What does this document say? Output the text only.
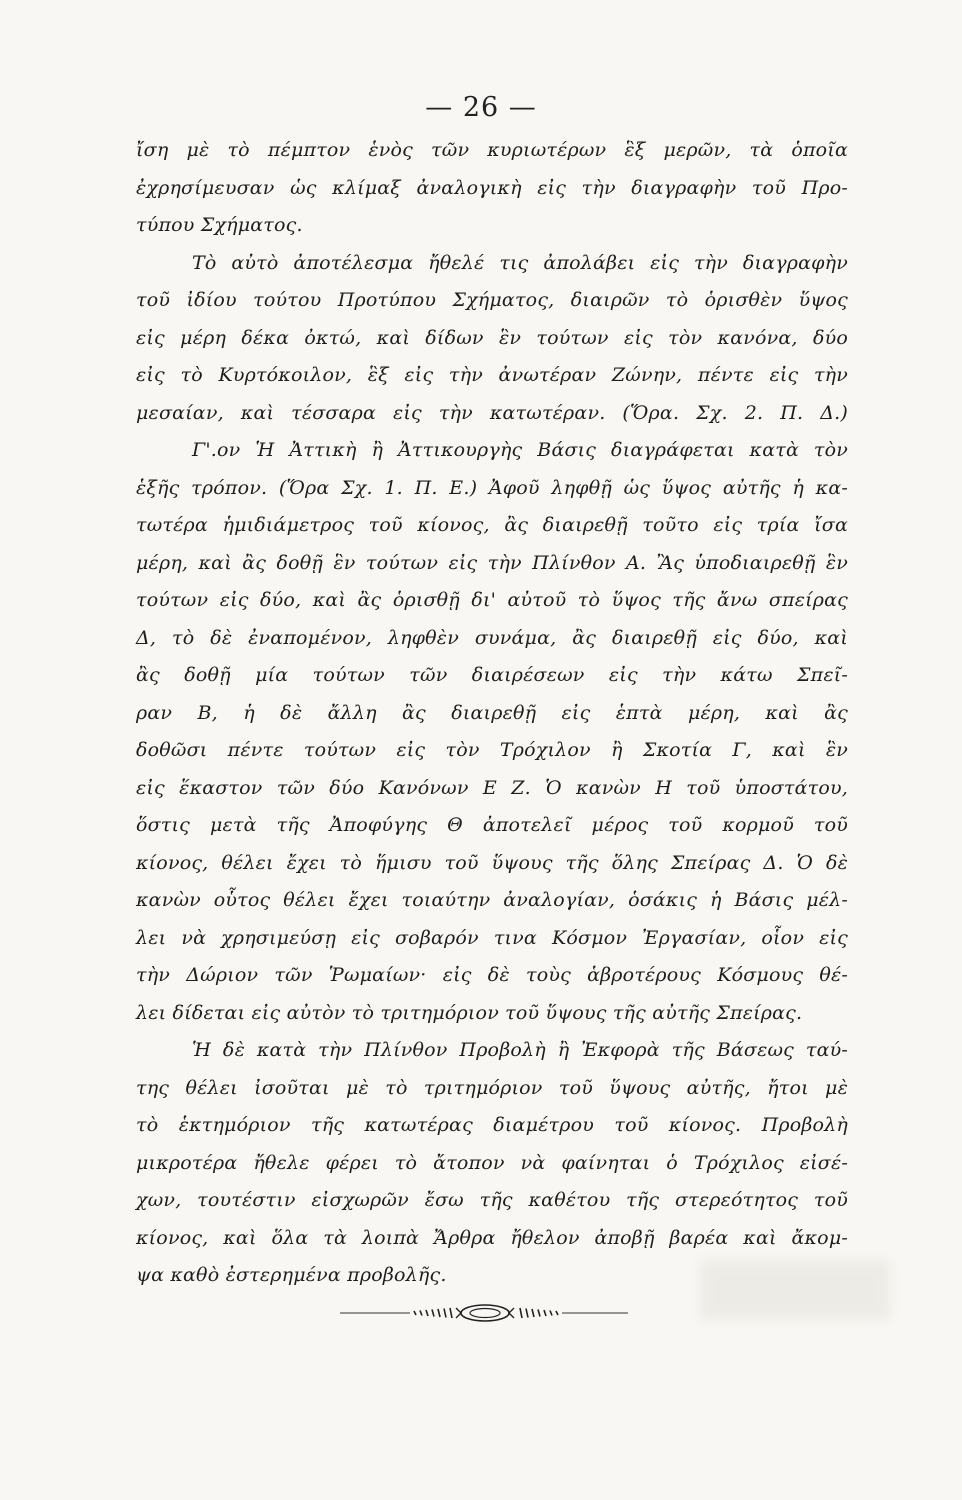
— 26 —
ἴση μὲ τὸ πέμπτον ἑνὸς τῶν κυριωτέρων ἓξ μερῶν, τὰ ὁποῖα
ἐχρησίμευσαν ὡς κλίμαξ ἀναλογικὴ εἰς τὴν διαγραφὴν τοῦ Προ-
τύπου Σχήματος.
Τὸ αὐτὸ ἀποτέλεσμα ἤθελέ τις ἀπολάβει εἰς τὴν διαγραφὴν
τοῦ ἰδίου τούτου Προτύπου Σχήματος, διαιρῶν τὸ ὁρισθὲν ὕψος
εἰς μέρη δέκα ὀκτώ, καὶ δίδων ἓν τούτων εἰς τὸν κανόνα, δύο
εἰς τὸ Κυρτόκοιλον, ἓξ εἰς τὴν ἀνωτέραν Ζώνην, πέντε εἰς τὴν
μεσαίαν, καὶ τέσσαρα εἰς τὴν κατωτέραν. (Ὅρα. Σχ. 2. Π. Δ.)
Γ'.ον Ἡ Ἀττικὴ ἢ Ἀττικουργὴς Βάσις διαγράφεται κατὰ τὸν
ἑξῆς τρόπον. (Ὅρα Σχ. 1. Π. Ε.) Ἀφοῦ ληφθῇ ὡς ὕψος αὐτῆς ἡ κα-
τωτέρα ἡμιδιάμετρος τοῦ κίονος, ἂς διαιρεθῇ τοῦτο εἰς τρία ἴσα
μέρη, καὶ ἂς δοθῇ ἓν τούτων εἰς τὴν Πλίνθον Α. Ἂς ὑποδιαιρεθῇ ἓν
τούτων εἰς δύο, καὶ ἂς ὁρισθῇ δι' αὐτοῦ τὸ ὕψος τῆς ἄνω σπείρας
Δ, τὸ δὲ ἐναπομένον, ληφθὲν συνάμα, ἂς διαιρεθῇ εἰς δύο, καὶ
ἂς δοθῇ μία τούτων τῶν διαιρέσεων εἰς τὴν κάτω Σπεῖ-
ραν Β, ἡ δὲ ἄλλη ἂς διαιρεθῇ εἰς ἑπτὰ μέρη, καὶ ἂς
δοθῶσι πέντε τούτων εἰς τὸν Τρόχιλον ἢ Σκοτία Γ, καὶ ἓν
εἰς ἕκαστον τῶν δύο Κανόνων Ε Ζ. Ὁ κανὼν Η τοῦ ὑποστάτου,
ὅστις μετὰ τῆς Ἀποφύγης Θ ἀποτελεῖ μέρος τοῦ κορμοῦ τοῦ
κίονος, θέλει ἔχει τὸ ἥμισυ τοῦ ὕψους τῆς ὅλης Σπείρας Δ. Ὁ δὲ
κανὼν οὗτος θέλει ἔχει τοιαύτην ἀναλογίαν, ὁσάκις ἡ Βάσις μέλ-
λει νὰ χρησιμεύσῃ εἰς σοβαρόν τινα Κόσμον Ἐργασίαν, οἷον εἰς
τὴν Δώριον τῶν Ῥωμαίων· εἰς δὲ τοὺς ἁβροτέρους Κόσμους θέ-
λει δίδεται εἰς αὐτὸν τὸ τριτημόριον τοῦ ὕψους τῆς αὐτῆς Σπείρας.
Ἡ δὲ κατὰ τὴν Πλίνθον Προβολὴ ἢ Ἐκφορὰ τῆς Βάσεως ταύ-
της θέλει ἰσοῦται μὲ τὸ τριτημόριον τοῦ ὕψους αὐτῆς, ἤτοι μὲ
τὸ ἑκτημόριον τῆς κατωτέρας διαμέτρου τοῦ κίονος. Προβολὴ
μικροτέρα ἤθελε φέρει τὸ ἄτοπον νὰ φαίνηται ὁ Τρόχιλος εἰσέ-
χων, τουτέστιν εἰσχωρῶν ἔσω τῆς καθέτου τῆς στερεότητος τοῦ
κίονος, καὶ ὅλα τὰ λοιπὰ Ἄρθρα ἤθελον ἀποβῇ βαρέα καὶ ἄκομ-
ψα καθὸ ἐστερημένα προβολῆς.
